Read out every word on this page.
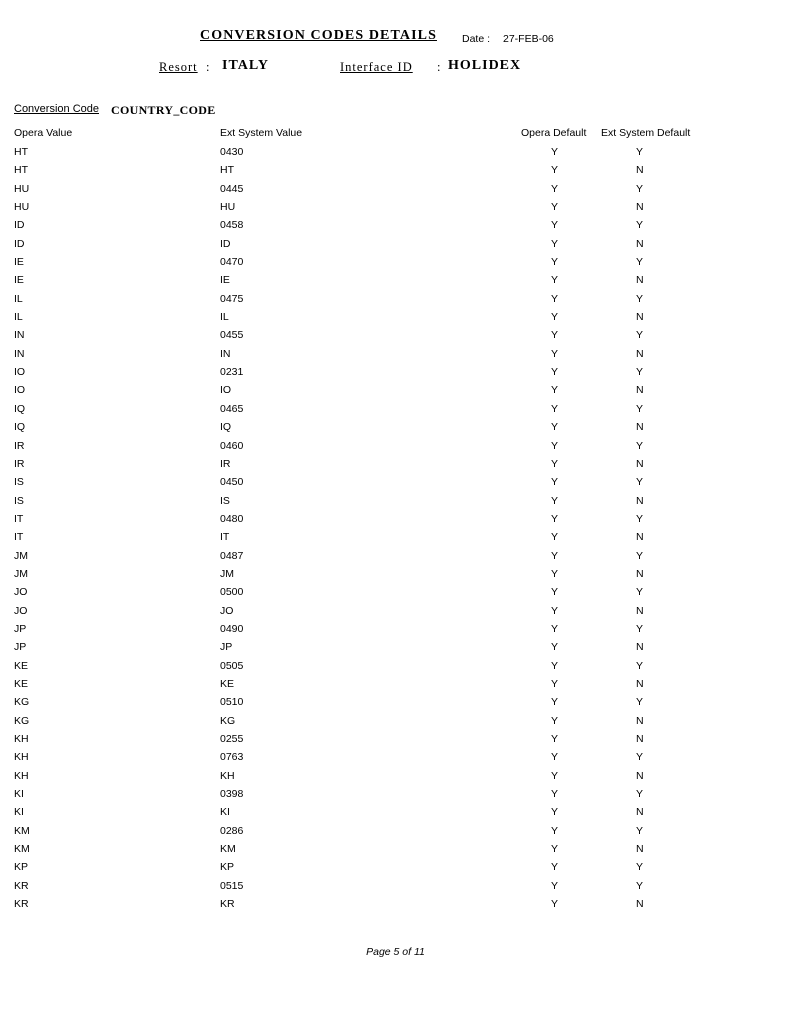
CONVERSION CODES DETAILS Date : 27-FEB-06
Resort : ITALY	Interface ID : HOLIDEX
Conversion Code COUNTRY_CODE
Opera Value	Ext System Value	Opera Default Ext System Default
HT	0430	Y	Y
HT	HT	Y	N
HU	0445	Y	Y
HU	HU	Y	N
ID	0458	Y	Y
ID	ID	Y	N
IE	0470	Y	Y
IE	IE	Y	N
IL	0475	Y	Y
IL	IL	Y	N
IN	0455	Y	Y
IN	IN	Y	N
IO	0231	Y	Y
IO	IO	Y	N
IQ	0465	Y	Y
IQ	IQ	Y	N
IR	0460	Y	Y
IR	IR	Y	N
IS	0450	Y	Y
IS	IS	Y	N
IT	0480	Y	Y
IT	IT	Y	N
JM	0487	Y	Y
JM	JM	Y	N
JO	0500	Y	Y
JO	JO	Y	N
JP	0490	Y	Y
JP	JP	Y	N
KE	0505	Y	Y
KE	KE	Y	N
KG	0510	Y	Y
KG	KG	Y	N
KH	0255	Y	N
KH	0763	Y	Y
KH	KH	Y	N
KI	0398	Y	Y
KI	KI	Y	N
KM	0286	Y	Y
KM	KM	Y	N
KP	KP	Y	Y
KR	0515	Y	Y
KR	KR	Y	N
Page 5 of 11
